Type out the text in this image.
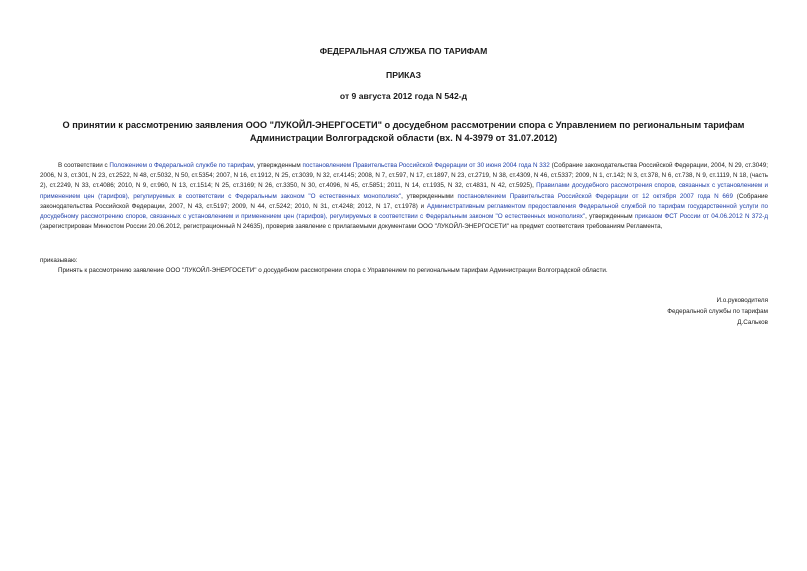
ФЕДЕРАЛЬНАЯ СЛУЖБА ПО ТАРИФАМ
ПРИКАЗ
от 9 августа 2012 года N 542-д
О принятии к рассмотрению заявления ООО "ЛУКОЙЛ-ЭНЕРГОСЕТИ" о досудебном рассмотрении спора с Управлением по региональным тарифам Администрации Волгоградской области (вх. N 4-3979 от 31.07.2012)
В соответствии с Положением о Федеральной службе по тарифам, утвержденным постановлением Правительства Российской Федерации от 30 июня 2004 года N 332 (Собрание законодательства Российской Федерации, 2004, N 29, ст.3049; 2006, N 3, ст.301, N 23, ст.2522, N 48, ст.5032, N 50, ст.5354; 2007, N 16, ст.1912, N 25, ст.3039, N 32, ст.4145; 2008, N 7, ст.597, N 17, ст.1897, N 23, ст.2719, N 38, ст.4309, N 46, ст.5337; 2009, N 1, ст.142; N 3, ст.378, N 6, ст.738, N 9, ст.1119, N 18, (часть 2), ст.2249, N 33, ст.4086; 2010, N 9, ст.960, N 13, ст.1514; N 25, ст.3169; N 26, ст.3350, N 30, ст.4096, N 45, ст.5851; 2011, N 14, ст.1935, N 32, ст.4831, N 42, ст.5925), Правилами досудебного рассмотрения споров, связанных с установлением и применением цен (тарифов), регулируемых в соответствии с Федеральным законом "О естественных монополиях", утвержденными постановлением Правительства Российской Федерации от 12 октября 2007 года N 669 (Собрание законодательства Российской Федерации, 2007, N 43, ст.5197; 2009, N 44, ст.5242; 2010, N 31, ст.4248; 2012, N 17, ст.1978) и Административным регламентом предоставления Федеральной службой по тарифам государственной услуги по досудебному рассмотрению споров, связанных с установлением и применением цен (тарифов), регулируемых в соответствии с Федеральным законом "О естественных монополиях", утвержденным приказом ФСТ России от 04.06.2012 N 372-д (зарегистрирован Минюстом России 20.06.2012, регистрационный N 24635), проверив заявление с прилагаемыми документами ООО "ЛУКОЙЛ-ЭНЕРГОСЕТИ" на предмет соответствия требованиям Регламента,
приказываю:
Принять к рассмотрению заявление ООО "ЛУКОЙЛ-ЭНЕРГОСЕТИ" о досудебном рассмотрении спора с Управлением по региональным тарифам Администрации Волгоградской области.
И.о.руководителя
Федеральной службы по тарифам
Д.Сальков
